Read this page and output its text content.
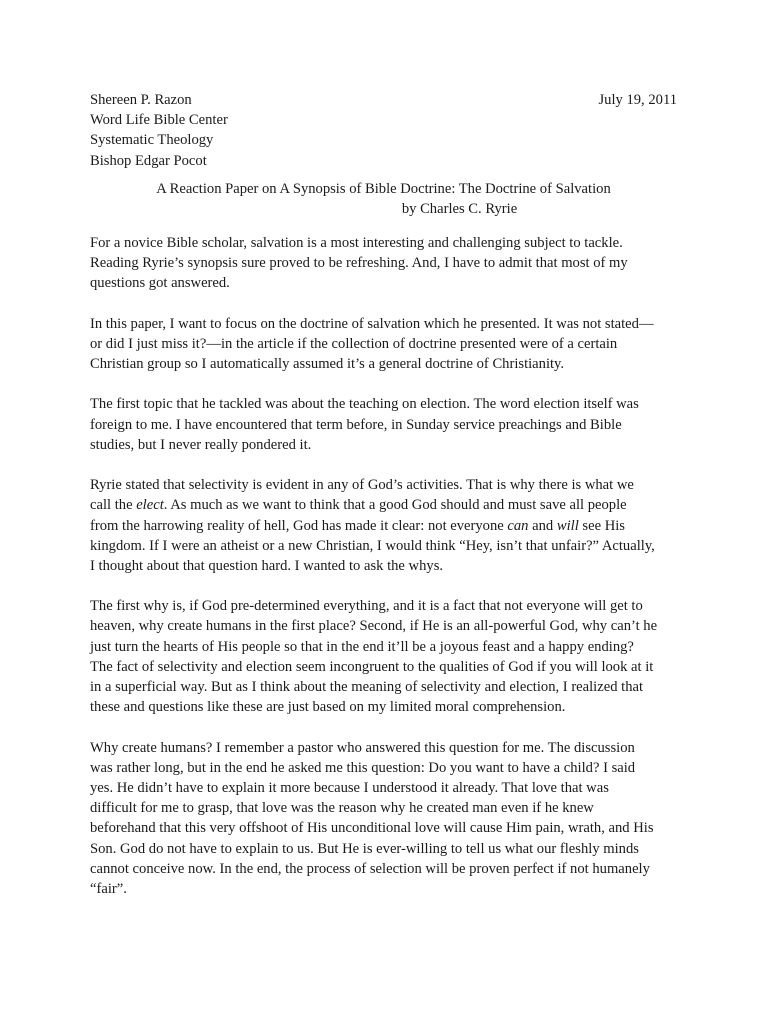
Shereen P. Razon
Word Life Bible Center
Systematic Theology
Bishop Edgar Pocot
July 19, 2011
A Reaction Paper on A Synopsis of Bible Doctrine: The Doctrine of Salvation
by Charles C. Ryrie

For a novice Bible scholar, salvation is a most interesting and challenging subject to tackle.
Reading Ryrie’s synopsis sure proved to be refreshing. And, I have to admit that most of my
questions got answered.

In this paper, I want to focus on the doctrine of salvation which he presented. It was not stated—
or did I just miss it?—in the article if the collection of doctrine presented were of a certain
Christian group so I automatically assumed it’s a general doctrine of Christianity.

The first topic that he tackled was about the teaching on election. The word election itself was
foreign to me. I have encountered that term before, in Sunday service preachings and Bible
studies, but I never really pondered it.

Ryrie stated that selectivity is evident in any of God’s activities. That is why there is what we
call the elect. As much as we want to think that a good God should and must save all people
from the harrowing reality of hell, God has made it clear: not everyone can and will see His
kingdom. If I were an atheist or a new Christian, I would think “Hey, isn’t that unfair?” Actually,
I thought about that question hard. I wanted to ask the whys.

The first why is, if God pre-determined everything, and it is a fact that not everyone will get to
heaven, why create humans in the first place? Second, if He is an all-powerful God, why can’t he
just turn the hearts of His people so that in the end it’ll be a joyous feast and a happy ending?
The fact of selectivity and election seem incongruent to the qualities of God if you will look at it
in a superficial way. But as I think about the meaning of selectivity and election, I realized that
these and questions like these are just based on my limited moral comprehension.

Why create humans? I remember a pastor who answered this question for me. The discussion
was rather long, but in the end he asked me this question: Do you want to have a child? I said
yes. He didn’t have to explain it more because I understood it already. That love that was
difficult for me to grasp, that love was the reason why he created man even if he knew
beforehand that this very offshoot of His unconditional love will cause Him pain, wrath, and His
Son. God do not have to explain to us. But He is ever-willing to tell us what our fleshly minds
cannot conceive now. In the end, the process of selection will be proven perfect if not humanely
“fair”.
